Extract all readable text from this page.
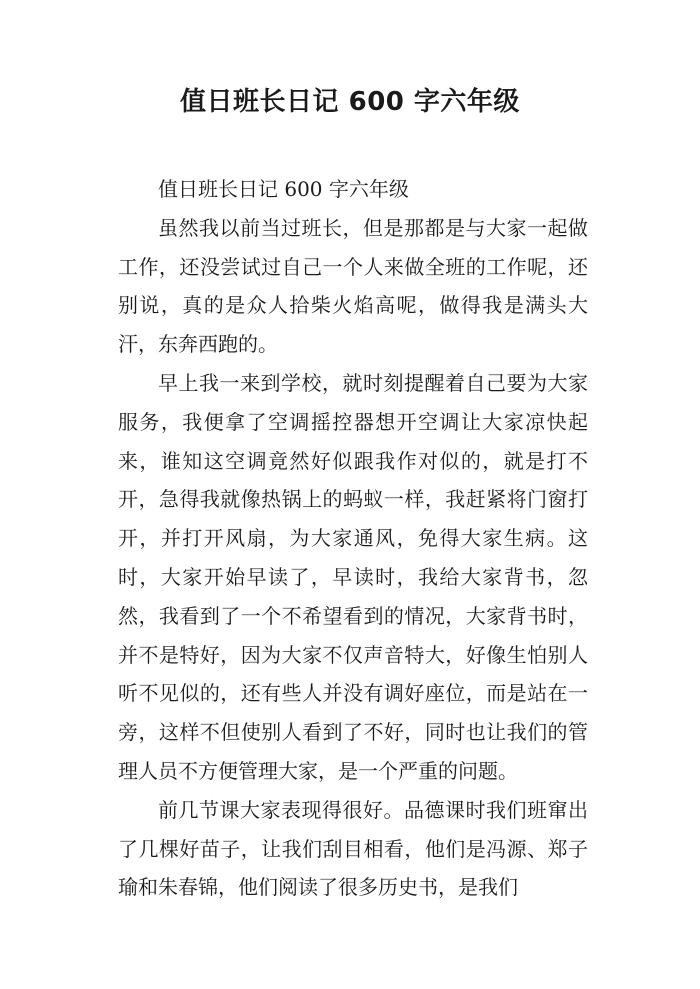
值日班长日记 600 字六年级

值日班长日记 600 字六年级

虽然我以前当过班长，但是那都是与大家一起做工作，还没尝试过自己一个人来做全班的工作呢，还别说，真的是众人拾柴火焰高呢，做得我是满头大汗，东奔西跑的。

早上我一来到学校，就时刻提醒着自己要为大家服务，我便拿了空调摇控器想开空调让大家凉快起来，谁知这空调竟然好似跟我作对似的，就是打不开，急得我就像热锅上的蚂蚁一样，我赶紧将门窗打开，并打开风扇，为大家通风，免得大家生病。这时，大家开始早读了，早读时，我给大家背书，忽然，我看到了一个不希望看到的情况，大家背书时，并不是特好，因为大家不仅声音特大，好像生怕别人听不见似的，还有些人并没有调好座位，而是站在一旁，这样不但使别人看到了不好，同时也让我们的管理人员不方便管理大家，是一个严重的问题。

前几节课大家表现得很好。品德课时我们班窜出了几棵好苗子，让我们刮目相看，他们是冯源、郑子瑜和朱春锦，他们阅读了很多历史书，是我们
